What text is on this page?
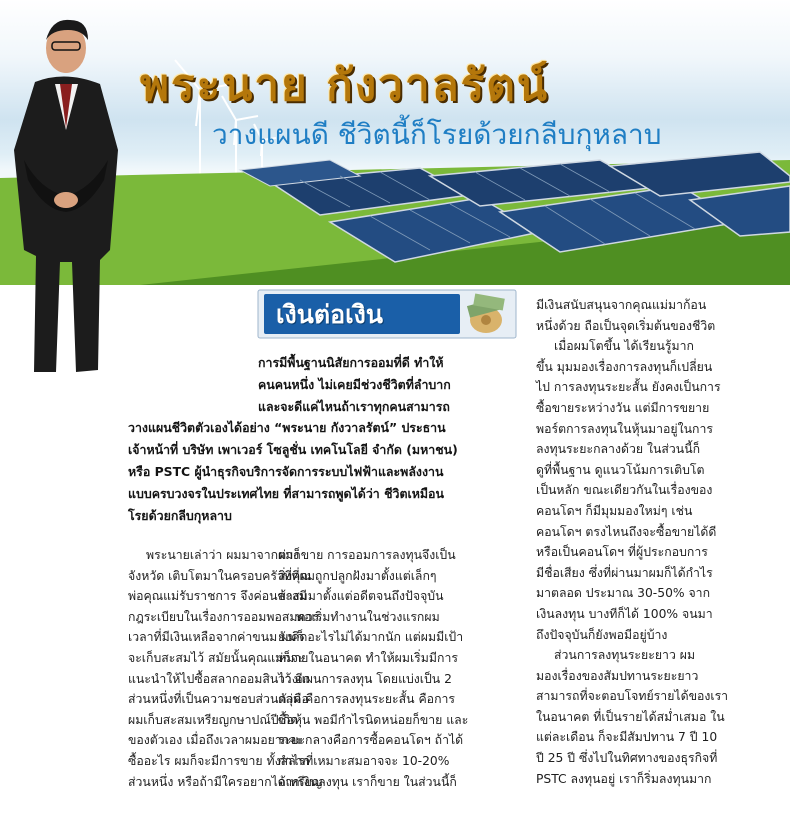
พระนาย กังวาลรัตน์
วางแผนดี ชีวิตนี้ก็โรยด้วยกลีบกุหลาบ
เงินต่อเงิน
การมีพื้นฐานนิสัยการออมที่ดี ทำให้
คนคนหนึ่ง ไม่เคยมีช่วงชีวิตที่ลำบาก
และจะดีแค่ไหนถ้าเราทุกคนสามารถ
วางแผนชีวิตตัวเองได้อย่าง “พระนาย กังวาลรัตน์” ประธาน
เจ้าหน้าที่ บริษัท เพาเวอร์ โซลูชั่น เทคโนโลยี จำกัด (มหาชน)
หรือ PSTC ผู้นำธุรกิจบริการจัดการระบบไฟฟ้าและพลังงาน
แบบครบวงจรในประเทศไทย ที่สามารถพูดได้ว่า ชีวิตเหมือน
โรยด้วยกลีบกุหลาบ
มีเงินสนับสนุนจากคุณแม่มาก้อน
หนึ่งด้วย ถือเป็นจุดเริ่มต้นของชีวิต
เมื่อผมโตขึ้น ได้เรียนรู้มาก
ขึ้น มุมมองเรื่องการลงทุนก็เปลี่ยน
ไป การลงทุนระยะสั้น ยังคงเป็นการ
ซื้อขายระหว่างวัน แต่มีการขยาย
พอร์ตการลงทุนในหุ้นมาอยู่ในการ
ลงทุนระยะกลางด้วย ในส่วนนี้ก็
ดูที่พื้นฐาน ดูแนวโน้มการเติบโต
เป็นหลัก ขณะเดียวกันในเรื่องของ
คอนโดฯ ก็มีมุมมองใหม่ๆ เช่น
คอนโดฯ ตรงไหนถึงจะซื้อขายได้ดี
หรือเป็นคอนโดฯ ที่ผู้ประกอบการ
มีชื่อเสียง ซึ่งที่ผ่านมาผมก็ได้กำไร
มาตลอด ประมาณ 30-50% จาก
เงินลงทุน บางทีก็ได้ 100% จนมา
ถึงปัจจุบันก็ยังพอมีอยู่บ้าง
ส่วนการลงทุนระยะยาว ผม
มองเรื่องของสัมปทานระยะยาว
สามารถที่จะตอบโจทย์รายได้ของเรา
ในอนาคต ที่เป็นรายได้สม่ำเสมอ ใน
แต่ละเดือน ก็จะมีสัมปทาน 7 ปี 10
ปี 25 ปี ซึ่งไปในทิศทางของธุรกิจที่
PSTC ลงทุนอยู่ เราก็ริ่มลงทุนมาก
พระนายเล่าว่า ผมมาจากต่าง
จังหวัด เติบโตมาในครอบครัวที่คุณ
พ่อคุณแม่รับราชการ จึงค่อนข้างมี
กฎระเบียบในเรื่องการออมพอสมควร
เวลาที่มีเงินเหลือจากค่าขนม ผมก็
จะเก็บสะสมไว้ สมัยนั้นคุณแม่ก็จะ
แนะนำให้ไปซื้อสลากออมสินไว้ อีก
ส่วนหนึ่งที่เป็นความชอบส่วนตัวคือ
ผมเก็บสะสมเหรียญกษาปณ์ปีเกิด
ของตัวเอง เมื่อถึงเวลาผมอยากจะ
ซื้ออะไร ผมก็จะมีการขาย ทั้งสลาก
ส่วนหนึ่ง หรือถ้ามีใครอยากได้เหรียญ
ผมก็ขาย การออมการลงทุนจึงเป็น
สิ่งที่ผมถูกปลูกฝังมาตั้งแต่เล็กๆ
สะสมมาตั้งแต่อดีตจนถึงปัจจุบัน
พอเริ่มทำงานในช่วงแรกผม
ยังคิดอะไรไม่ได้มากนัก แต่ผมมีเป้า
หมายในอนาคต ทำให้ผมเริ่มมีการ
วางแผนการลงทุน โดยแบ่งเป็น 2
กลุ่ม คือการลงทุนระยะสั้น คือการ
ซื้อหุ้น พอมีกำไรนิดหน่อยก็ขาย และ
ระยะกลางคือการซื้อคอนโดฯ ถ้าได้
กำไรที่เหมาะสมอาจจะ 10-20%
จากเงินลงทุน เราก็ขาย ในส่วนนี้ก็
